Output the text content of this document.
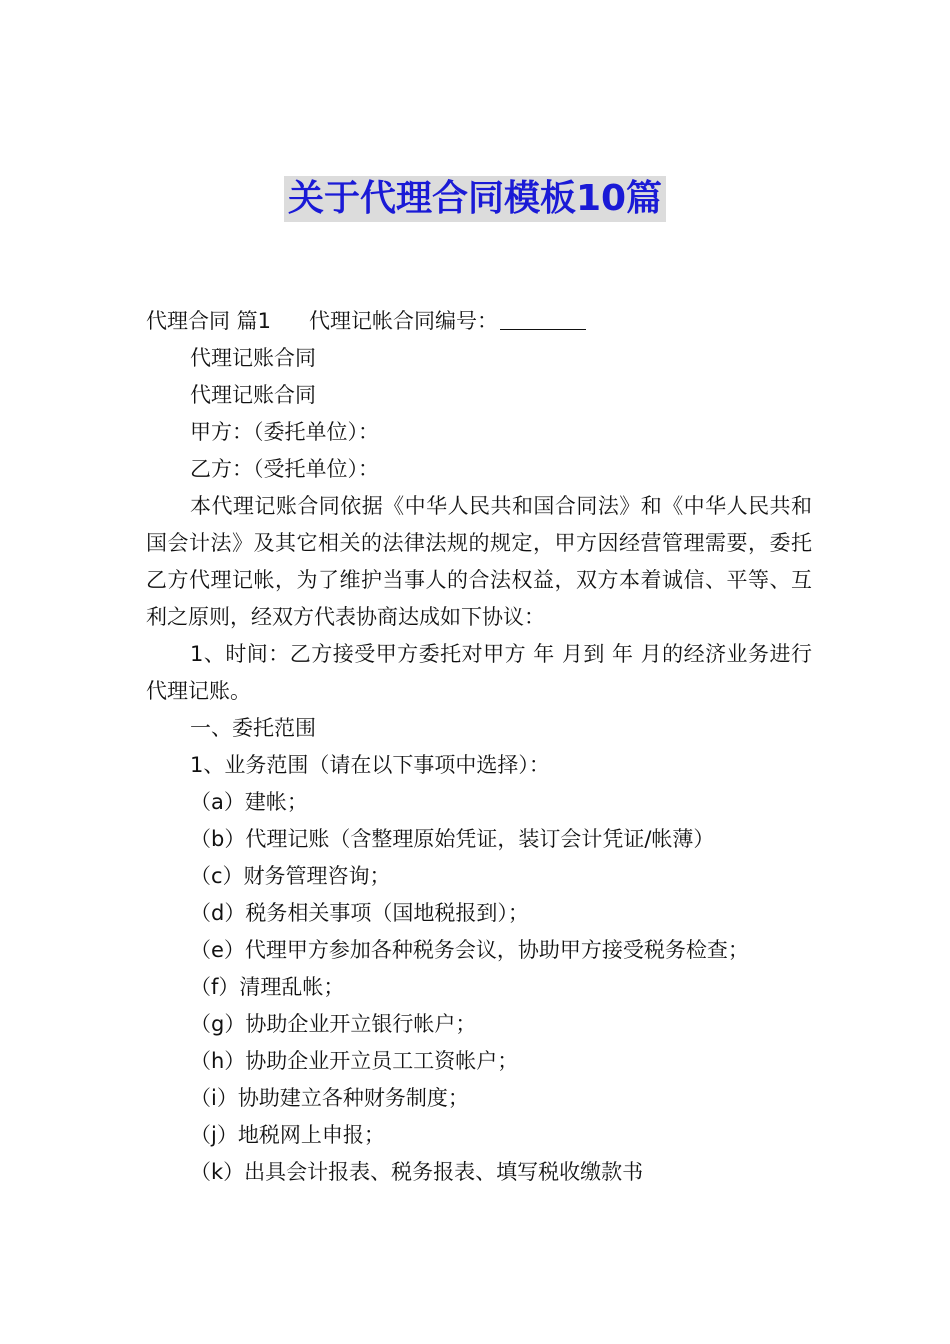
关于代理合同模板10篇
代理合同 篇1 代理记帐合同编号：
代理记账合同
代理记账合同
甲方：（委托单位）：
乙方：（受托单位）：

本代理记账合同依据《中华人民共和国合同法》和《中华人民共和国会计法》及其它相关的法律法规的规定，甲方因经营管理需要，委托乙方代理记帐，为了维护当事人的合法权益，双方本着诚信、平等、互利之原则，经双方代表协商达成如下协议：

1、时间：乙方接受甲方委托对甲方 年 月到 年 月的经济业务进行代理记账。

一、委托范围
1、业务范围（请在以下事项中选择）：
（a）建帐；
（b）代理记账（含整理原始凭证，装订会计凭证/帐薄）
（c）财务管理咨询；
（d）税务相关事项（国地税报到）；
（e）代理甲方参加各种税务会议，协助甲方接受税务检查；
（f）清理乱帐；
（g）协助企业开立银行帐户；
（h）协助企业开立员工工资帐户；
（i）协助建立各种财务制度；
（j）地税网上申报；
（k）出具会计报表、税务报表、填写税收缴款书
